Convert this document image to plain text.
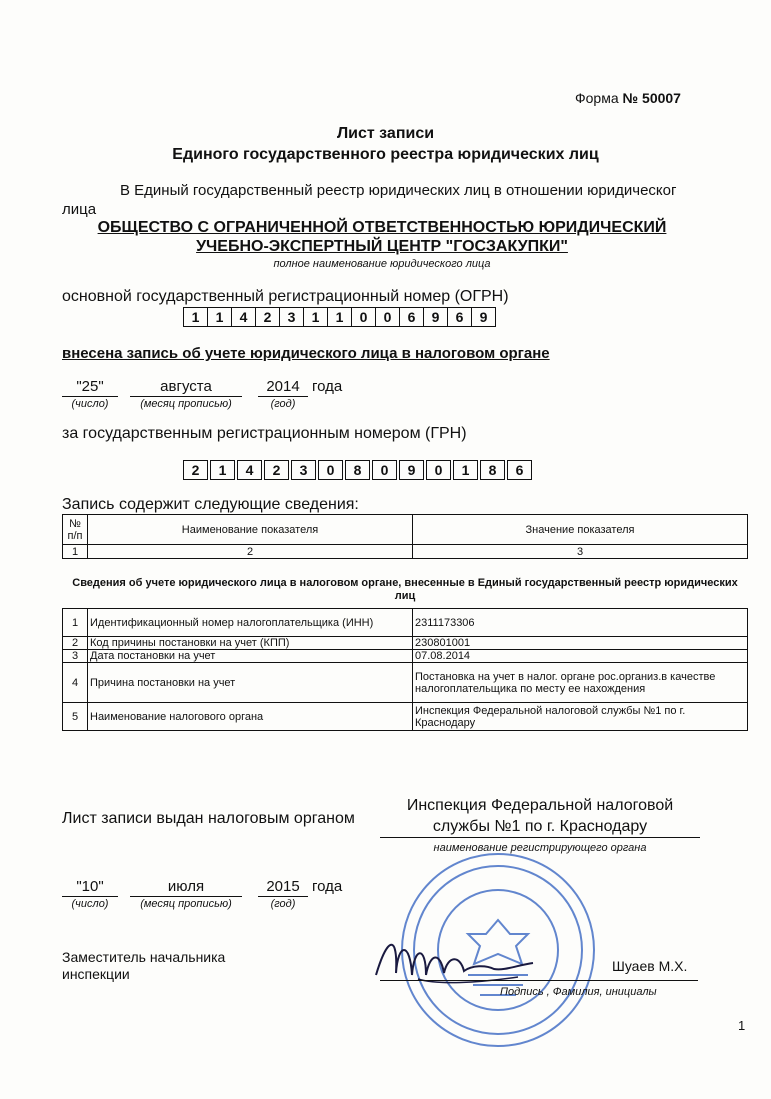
Форма № 50007
Лист записи
Единого государственного реестра юридических лиц
В Единый государственный реестр юридических лиц в отношении юридическог
лица
ОБЩЕСТВО С ОГРАНИЧЕННОЙ ОТВЕТСТВЕННОСТЬЮ ЮРИДИЧЕСКИЙ
УЧЕБНО-ЭКСПЕРТНЫЙ ЦЕНТР "ГОСЗАКУПКИ"
полное наименование юридического лица
основной государственный регистрационный номер (ОГРН)
1	1	4	2	3	1	1	0	0	6	9	6	9
внесена запись об учете юридического лица в налоговом органе
"25"	августа	2014 года
(число)	(месяц прописью)	(год)
за государственным регистрационным номером (ГРН)
2	1	4	2	3	0	8	0	9	0	1	8	6
Запись содержит следующие сведения:
№ п/п	Наименование показателя	Значение показателя
1	2	3
Сведения об учете юридического лица в налоговом органе, внесенные в Единый государственный реестр юридических лиц
1	Идентификационный номер налогоплательщика (ИНН)	2311173306
2	Код причины постановки на учет (КПП)	230801001
3	Дата постановки на учет	07.08.2014
4	Причина постановки на учет	Постановка на учет в налог. органе рос.организ.в качестве налогоплательщика по месту ее нахождения
5	Наименование налогового органа	Инспекция Федеральной налоговой службы №1 по г. Краснодару
Лист записи выдан налоговым органом
Инспекция Федеральной налоговой службы №1 по г. Краснодару
наименование регистрирующего органа
"10"	июля	2015 года
(число)	(месяц прописью)	(год)
Заместитель начальника инспекции	Шуаев М.Х.
Подпись , Фамилия, инициалы
1
